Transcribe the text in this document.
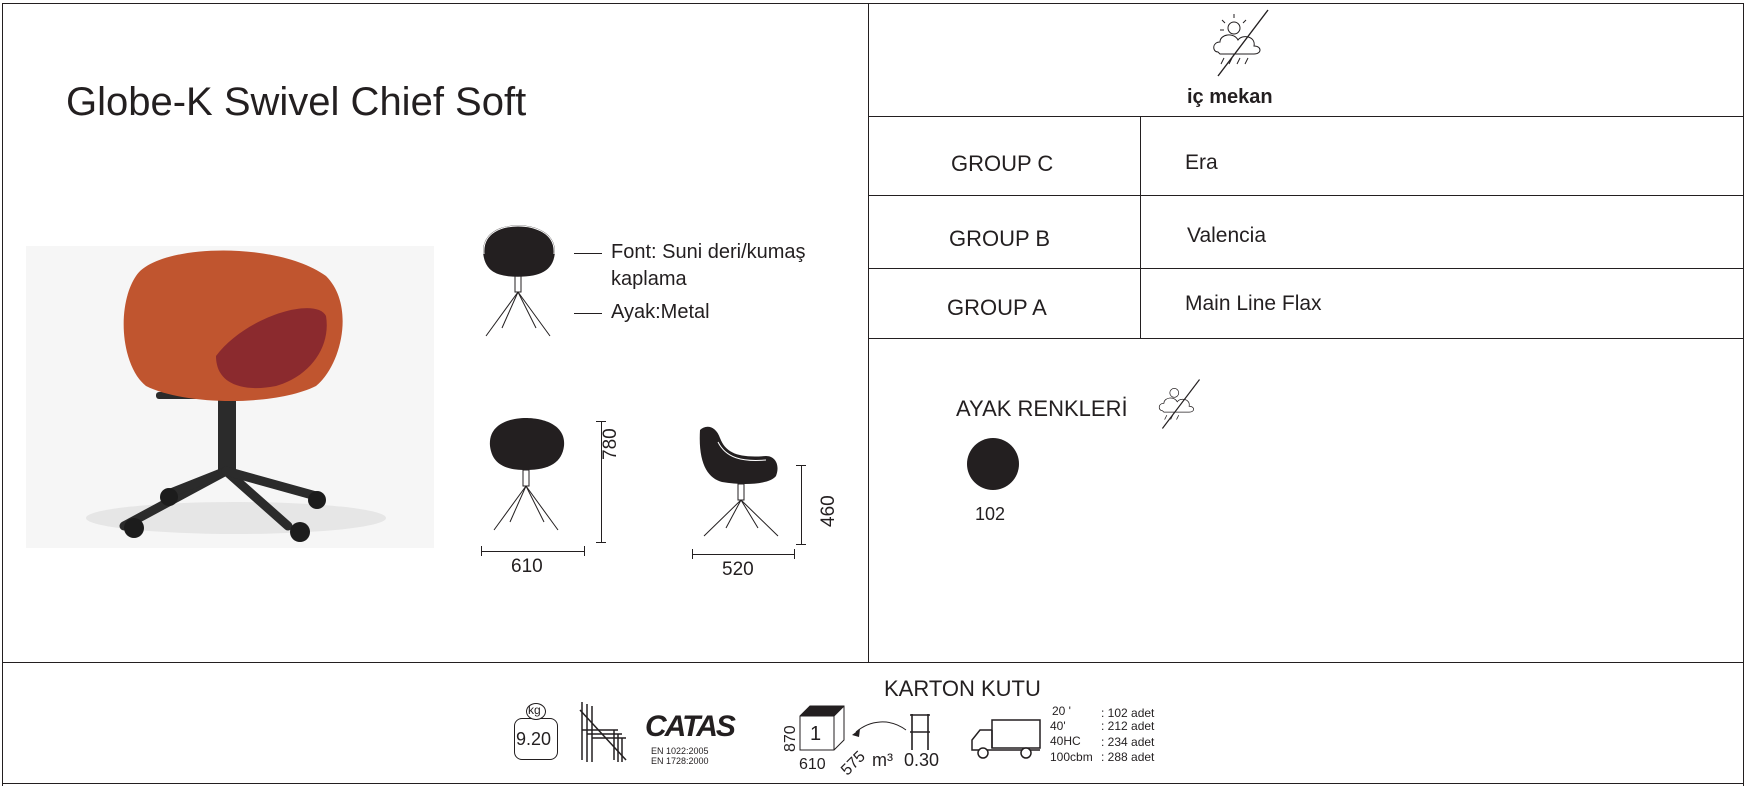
Globe-K Swivel Chief Soft
Font: Suni deri/kumaş
kaplama
Ayak:Metal
780
610
460
520
iç mekan
GROUP C	Era
GROUP B	Valencia
GROUP A	Main Line Flax
AYAK RENKLERİ
102
KARTON KUTU
kg
9.20	CATAS
EN 1022:2005
EN 1728:2000
1
870
610 575 m³ 0.30
20 '	: 102 adet
40'	: 212 adet
40HC : 234 adet
100cbm : 288 adet
